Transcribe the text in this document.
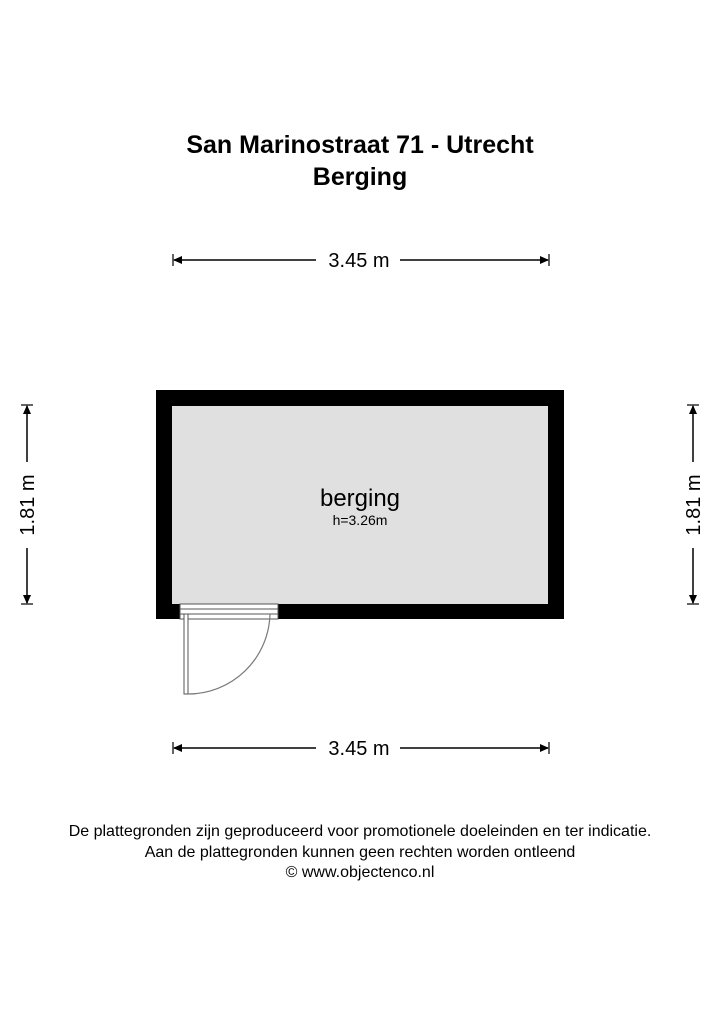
San Marinostraat 71 - Utrecht
Berging
3.45 m
3.45 m
1.81 m	1.81 m
berging
h=3.26m
De plattegronden zijn geproduceerd voor promotionele doeleinden en ter indicatie.
Aan de plattegronden kunnen geen rechten worden ontleend
© www.objectenco.nl
